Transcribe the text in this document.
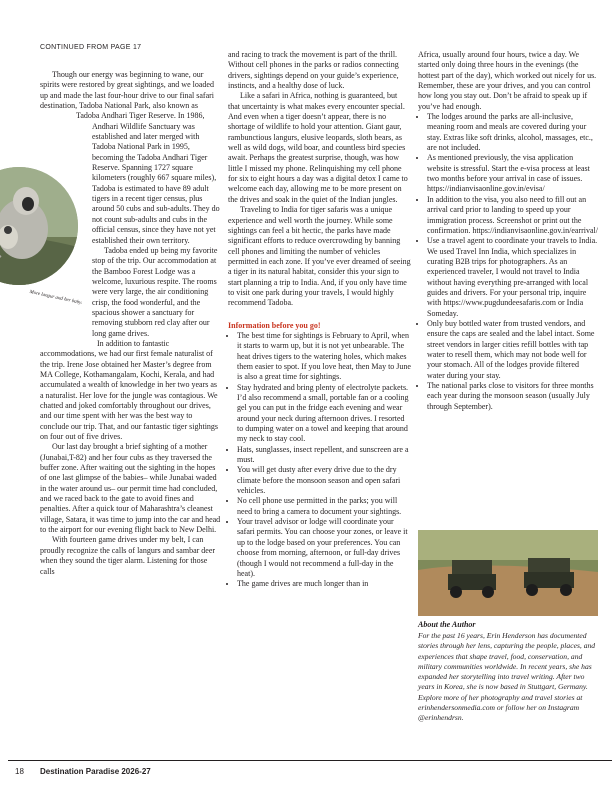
CONTINUED FROM PAGE 17
More langur and her baby.

Though our energy was beginning to wane, our spirits were restored by great sightings, and we loaded up and made the last four-hour drive to our final safari destination, Tadoba National Park, also known as Tadoba Andhari Tiger Reserve. In 1986, Andhari Wildlife Sanctuary was established and later merged with Tadoba National Park in 1995, becoming the Tadoba Andhari Tiger Reserve. Spanning 1727 square kilometers (roughly 667 square miles), Tadoba is estimated to have 89 adult tigers in a recent tiger census, plus around 50 cubs and sub-adults. They do not count sub-adults and cubs in the official census, since they have not yet established their own territory.

Tadoba ended up being my favorite stop of the trip. Our accommodation at the Bamboo Forest Lodge was a welcome, luxurious respite. The rooms were very large, the air conditioning crisp, the food wonderful, and the spacious shower a sanctuary for removing stubborn red clay after our long game drives.

In addition to fantastic accommodations, we had our first female naturalist of the trip. Irene Jose obtained her Master’s degree from MA College, Kothamangalam, Kochi, Kerala, and had accumulated a wealth of knowledge in her two years as a naturalist. Her love for the jungle was contagious. We chatted and joked comfortably throughout our drives, and our time spent with her was the best way to conclude our trip. That, and our fantastic tiger sightings on four out of five drives.

Our last day brought a brief sighting of a mother (Junabai,T-82) and her four cubs as they traversed the buffer zone. After waiting out the sighting in the hopes of one last glimpse of the babies– while Junabai waded in the water around us– our permit time had concluded, and we raced back to the gate to avoid fines and penalties. After a quick tour of Maharashtra’s cleanest village, Satara, it was time to jump into the car and head to the airport for our evening flight back to New Delhi.

With fourteen game drives under my belt, I can proudly recognize the calls of langurs and sambar deer when they sound the tiger alarm. Listening for those calls

and racing to track the movement is part of the thrill. Without cell phones in the parks or radios connecting drivers, sightings depend on your guide’s experience, instincts, and a healthy dose of luck.

Like a safari in Africa, nothing is guaranteed, but that uncertainty is what makes every encounter special. And even when a tiger doesn’t appear, there is no shortage of wildlife to hold your attention. Giant gaur, rambunctious langurs, elusive leopards, sloth bears, as well as wild dogs, wild boar, and countless bird species await. Perhaps the greatest surprise, though, was how little I missed my phone. Relinquishing my cell phone for six to eight hours a day was a digital detox I came to welcome each day, allowing me to be more present on the drives and soak in the quiet of the Indian jungles.

Traveling to India for tiger safaris was a unique experience and well worth the journey. While some sightings can feel a bit hectic, the parks have made significant efforts to reduce overcrowding by banning cell phones and limiting the number of vehicles permitted in each zone. If you’ve ever dreamed of seeing a tiger in its natural habitat, consider this your sign to start planning a trip to India. And, if you only have time to visit one park during your travels, I would highly recommend Tadoba.

Information before you go!
• The best time for sightings is February to April, when it starts to warm up, but it is not yet unbearable. The heat drives tigers to the watering holes, which makes them easier to spot. If you love heat, then May to June is also a great time for sightings.
• Stay hydrated and bring plenty of electrolyte packets. I’d also recommend a small, portable fan or a cooling gel you can put in the fridge each evening and wear around your neck during afternoon drives. I resorted to dumping water on a towel and keeping that around my neck to stay cool.
• Hats, sunglasses, insect repellent, and sunscreen are a must.
• You will get dusty after every drive due to the dry climate before the monsoon season and open safari vehicles.
• No cell phone use permitted in the parks; you will need to bring a camera to document your sightings.
• Your travel advisor or lodge will coordinate your safari permits. You can choose your zones, or leave it up to the lodge based on your preferences. You can choose from morning, afternoon, or full-day drives (though I would not recommend a full-day in the heat).
• The game drives are much longer than in

Africa, usually around four hours, twice a day. We started only doing three hours in the evenings (the hottest part of the day), which worked out nicely for us. Remember, these are your drives, and you can control how long you stay out. Don’t be afraid to speak up if you’ve had enough.

• The lodges around the parks are all-inclusive, meaning room and meals are covered during your stay. Extras like soft drinks, alcohol, massages, etc., are not included.
• As mentioned previously, the visa application website is stressful. Start the e-visa process at least two months before your arrival in case of issues. https://indianvisaonline.gov.in/evisa/
• In addition to the visa, you also need to fill out an arrival card prior to landing to speed up your immigration process. Screenshot or print out the confirmation. https://indianvisaonline.gov.in/earrival/
• Use a travel agent to coordinate your travels to India. We used Travel Inn India, which specializes in curating B2B trips for photographers. As an experienced traveler, I would not travel to India without having everything pre-arranged with local guides and drivers. For your personal trip, inquire with https://www.pugdundeesafaris.com or India Someday.
• Only buy bottled water from trusted vendors, and ensure the caps are sealed and the label intact. Some street vendors in larger cities refill bottles with tap water to resell them, which may not bode well for your stomach. All of the lodges provide filtered water during your stay.
• The national parks close to visitors for three months each year during the monsoon season (usually July through September).
About the Author

For the past 16 years, Erin Henderson has documented stories through her lens, capturing the people, places, and experiences that shape travel, food, conservation, and military communities worldwide. In recent years, she has expanded her storytelling into travel writing. After two years in Korea, she is now based in Stuttgart, Germany. Explore more of her photography and travel stories at erinhendersonmedia.com or follow her on Instagram @erinhendrsn.

18 Destination Paradise 2026-27
